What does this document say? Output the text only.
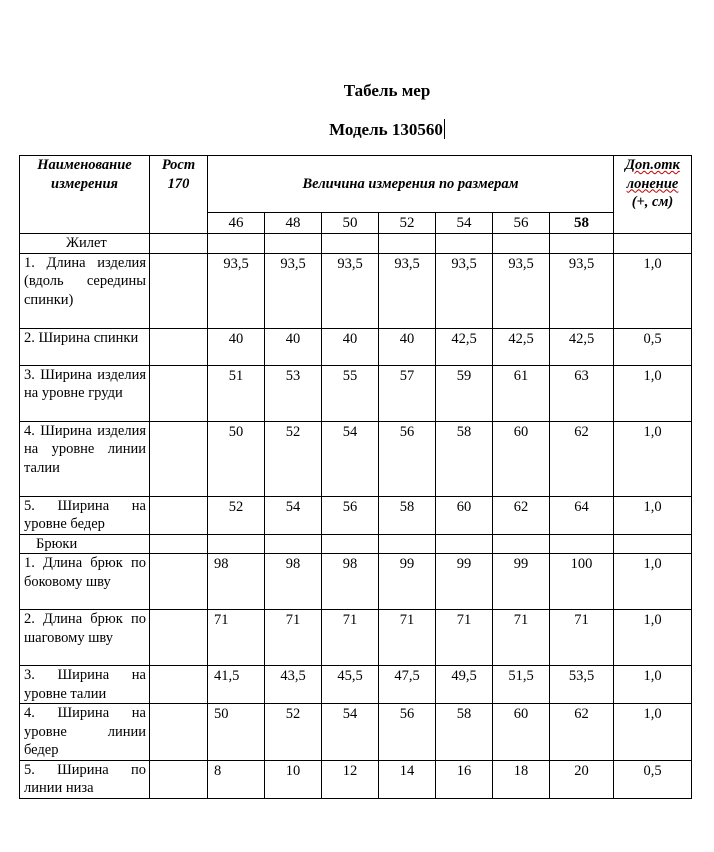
Табель мер
Модель 130560
Наименование измерения	Рост 170	Величина измерения по размерам							Доп.отк
лонение
(+, см)
		46	48	50	52	54	56	58	
Жилет									
1. Длина изделия (вдоль середины спинки)		93,5	93,5	93,5	93,5	93,5	93,5	93,5	1,0
2. Ширина спинки		40	40	40	40	42,5	42,5	42,5	0,5
3. Ширина изделия на уровне груди		51	53	55	57	59	61	63	1,0
4. Ширина изделия на уровне линии талии		50	52	54	56	58	60	62	1,0
5. Ширина на уровне бедер		52	54	56	58	60	62	64	1,0
Брюки									
1. Длина брюк по боковому шву		98	98	98	99	99	99	100	1,0
2. Длина брюк по шаговому шву		71	71	71	71	71	71	71	1,0
3. Ширина на уровне талии		41,5	43,5	45,5	47,5	49,5	51,5	53,5	1,0
4. Ширина на уровне линии бедер		50	52	54	56	58	60	62	1,0
5. Ширина по линии низа		8	10	12	14	16	18	20	0,5
